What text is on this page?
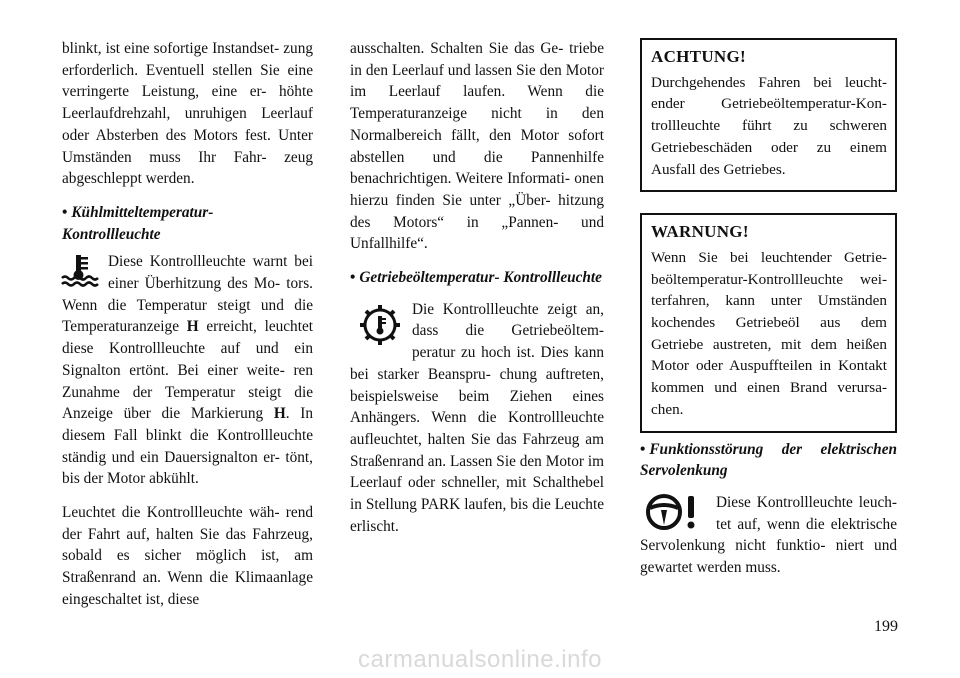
blinkt, ist eine sofortige Instandset- zung erforderlich. Eventuell stellen Sie eine verringerte Leistung, eine er- höhte Leerlaufdrehzahl, unruhigen Leerlauf oder Absterben des Motors fest. Unter Umständen muss Ihr Fahr- zeug abgeschleppt werden.

• Kühlmitteltemperatur- Kontrollleuchte

Diese Kontrollleuchte warnt bei einer Überhitzung des Mo- tors. Wenn die Temperatur steigt und die Temperaturanzeige H erreicht, leuchtet diese Kontrollleuchte auf und ein Signalton ertönt. Bei einer weite- ren Zunahme der Temperatur steigt die Anzeige über die Markierung H. In diesem Fall blinkt die Kontrollleuchte ständig und ein Dauersignalton er- tönt, bis der Motor abkühlt.

Leuchtet die Kontrollleuchte wäh- rend der Fahrt auf, halten Sie das Fahrzeug, sobald es sicher möglich ist, am Straßenrand an. Wenn die Klimaanlage eingeschaltet ist, diese

ausschalten. Schalten Sie das Ge- triebe in den Leerlauf und lassen Sie den Motor im Leerlauf laufen. Wenn die Temperaturanzeige nicht in den Normalbereich fällt, den Motor sofort abstellen und die Pannenhilfe benachrichtigen. Weitere Informati- onen hierzu finden Sie unter „Über- hitzung des Motors“ in „Pannen- und Unfallhilfe“.

• Getriebeöltemperatur- Kontrollleuchte

Die Kontrollleuchte zeigt an, dass die Getriebeöltem- peratur zu hoch ist. Dies kann bei starker Beanspru- chung auftreten, beispielsweise beim Ziehen eines Anhängers. Wenn die Kontrollleuchte aufleuchtet, halten Sie das Fahrzeug am Straßenrand an. Lassen Sie den Motor im Leerlauf oder schneller, mit Schalthebel in Stellung PARK laufen, bis die Leuchte erlischt.

ACHTUNG!

Durchgehendes Fahren bei leucht- ender Getriebeöltemperatur-Kon- trollleuchte führt zu schweren Getriebeschäden oder zu einem Ausfall des Getriebes.

WARNUNG!

Wenn Sie bei leuchtender Getrie- beöltemperatur-Kontrollleuchte wei- terfahren, kann unter Umständen kochendes Getriebeöl aus dem Getriebe austreten, mit dem heißen Motor oder Auspuffteilen in Kontakt kommen und einen Brand verursa- chen.

• Funktionsstörung der elektrischen Servolenkung

Diese Kontrollleuchte leuch- tet auf, wenn die elektrische Servolenkung nicht funktio- niert und gewartet werden muss.

199
carmanualsonline.info
